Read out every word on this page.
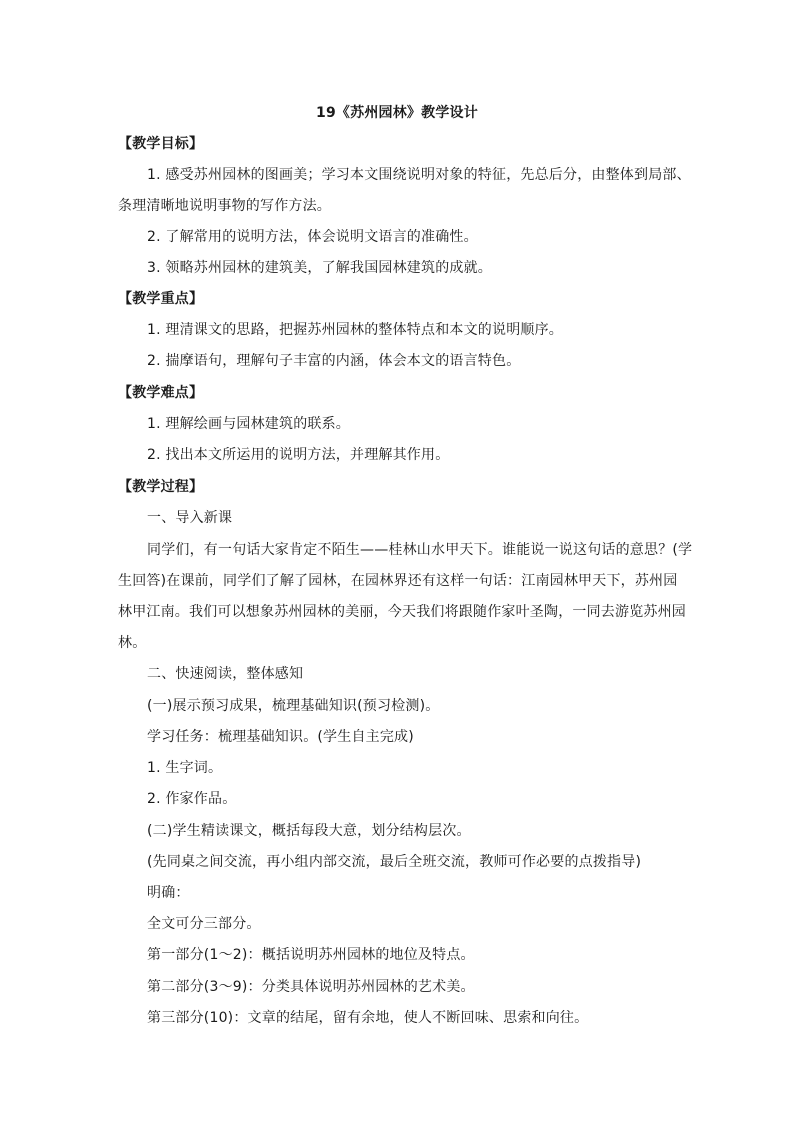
19《苏州园林》教学设计
【教学目标】
1. 感受苏州园林的图画美；学习本文围绕说明对象的特征，先总后分，由整体到局部、
条理清晰地说明事物的写作方法。
2. 了解常用的说明方法，体会说明文语言的准确性。
3. 领略苏州园林的建筑美，了解我国园林建筑的成就。
【教学重点】
1. 理清课文的思路，把握苏州园林的整体特点和本文的说明顺序。
2. 揣摩语句，理解句子丰富的内涵，体会本文的语言特色。
【教学难点】
1. 理解绘画与园林建筑的联系。
2. 找出本文所运用的说明方法，并理解其作用。
【教学过程】
一、导入新课
同学们，有一句话大家肯定不陌生——桂林山水甲天下。谁能说一说这句话的意思？(学
生回答)在课前，同学们了解了园林，在园林界还有这样一句话：江南园林甲天下，苏州园
林甲江南。我们可以想象苏州园林的美丽，今天我们将跟随作家叶圣陶，一同去游览苏州园
林。
二、快速阅读，整体感知
(一)展示预习成果，梳理基础知识(预习检测)。
学习任务：梳理基础知识。(学生自主完成)
1. 生字词。
2. 作家作品。
(二)学生精读课文，概括每段大意，划分结构层次。
(先同桌之间交流，再小组内部交流，最后全班交流，教师可作必要的点拨指导)
明确：
全文可分三部分。
第一部分(1～2)：概括说明苏州园林的地位及特点。
第二部分(3～9)：分类具体说明苏州园林的艺术美。
第三部分(10)：文章的结尾，留有余地，使人不断回味、思索和向往。
